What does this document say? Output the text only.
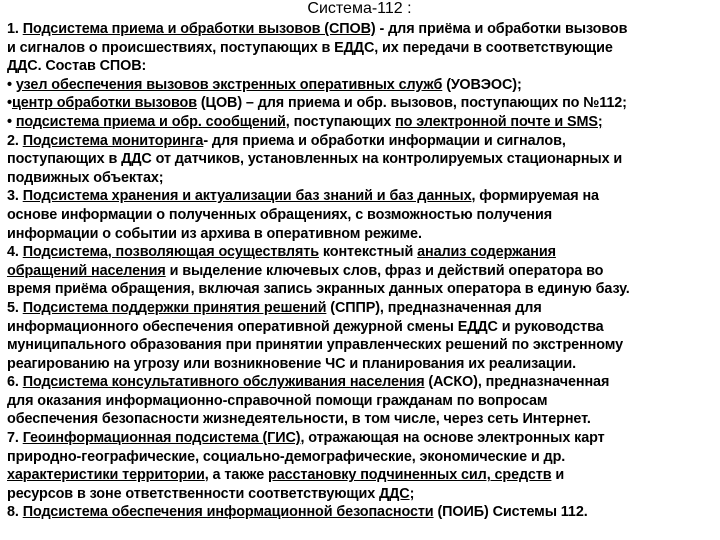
Система-112 :
1. Подсистема приема и обработки вызовов (СПОВ) - для приёма и обработки вызовов
и сигналов о происшествиях, поступающих в ЕДДС, их передачи в соответствующие
ДДС. Состав СПОВ:
• узел обеспечения вызовов экстренных оперативных служб (УОВЭОС);
•центр обработки вызовов (ЦОВ) – для приема и обр. вызовов, поступающих по №112;
• подсистема приема и обр. сообщений, поступающих по электронной почте и SMS;
2. Подсистема мониторинга- для приема и обработки информации и сигналов,
поступающих в ДДС от датчиков, установленных на контролируемых стационарных и
подвижных объектах;
3. Подсистема хранения и актуализации баз знаний и баз данных, формируемая на
основе информации о полученных обращениях, с возможностью получения
информации о событии из архива в оперативном режиме.
4. Подсистема, позволяющая осуществлять контекстный анализ содержания
обращений населения и выделение ключевых слов, фраз и действий оператора во
время приёма обращения, включая запись экранных данных оператора в единую базу.
5. Подсистема поддержки принятия решений (СППР), предназначенная для
информационного обеспечения оперативной дежурной смены ЕДДС и руководства
муниципального образования при принятии управленческих решений по экстренному
реагированию на угрозу или возникновение ЧС и планирования их реализации.
6. Подсистема консультативного обслуживания населения (АСКО), предназначенная
для оказания информационно-справочной помощи гражданам по вопросам
обеспечения безопасности жизнедеятельности, в том числе, через сеть Интернет.
7. Геоинформационная подсистема (ГИС), отражающая на основе электронных карт
природно-географические, социально-демографические, экономические и др.
характеристики территории, а также расстановку подчиненных сил, средств и
ресурсов в зоне ответственности соответствующих ДДС;
8. Подсистема обеспечения информационной безопасности (ПОИБ) Системы 112.
